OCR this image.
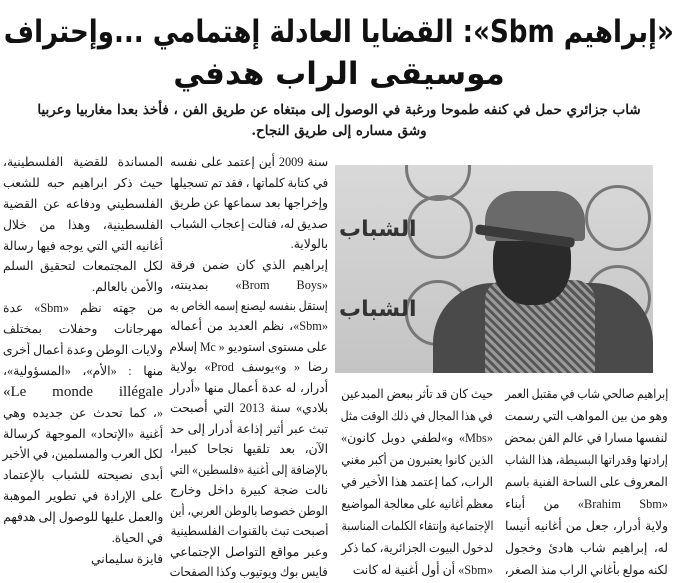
«إبراهيم Sbm»: القضايا العادلة إهتمامي ...وإحتراف
موسيقى الراب هدفي
شاب جزائري حمل في كنفه طموحا ورغبة في الوصول إلى مبتغاه عن طريق الفن ، فأخذ بعدا مغاربيا وعربيا
وشق مساره إلى طريق النجاح.
الشباب
الشباب
المساندة للقضية الفلسطينية،
حيث ذكر ابراهيم حبه للشعب
الفلسطيني ودفاعه عن القضية
الفلسطينية، وهذا من خلال
أغانيه التي التي يوجه فيها رسالة
لكل المجتمعات لتحقيق السلم
والأمن بالعالم.
من جهته نظم «Sbm» عدة
مهرجانات وحفلات بمختلف
ولايات الوطن وعدة أعمال أخرى
منها : «الأم»، «المسؤولية»،
Le monde illégale»
«، كما تحدث عن جديده وهي
أغنية «الإتحاد» الموجهة كرسالة
لكل العرب والمسلمين، في الأخير
أبدى نصيحته للشباب بالإعتماد
على الإرادة في تطوير الموهبة
والعمل عليها للوصول إلى هدفهم
في الحياة.
فايزة سليماني
سنة 2009 أين إعتمد على نفسه
في كتابة كلماتها ، فقد تم تسجيلها
وإخراجها بعد سماعها عن طريق
صديق له، فنالت إعجاب الشباب
بالولاية.
إبراهيم الذي كان ضمن فرقة
«Brom Boys» بمدينته،
إستقل بنفسه ليصنع إسمه الخاص به
«Sbm»، نظم العديد من أعماله
على مستوى استوديو « Mc إسلام
رضا « و»يوسف Prod» بولاية
أدرار، له عدة أعمال منها «أدرار
بلادي» سنة 2013 التي أصبحت
تبث عبر أثير إذاعة أدرار إلى حد
الآن، بعد تلقيها نجاحا كبيرا،
بالإضافة إلى أغنية «فلسطين» التي
نالت ضجة كبيرة داخل وخارج
الوطن خصوصا بالوطن العربي، أين
أصبحت تبث بالقنوات الفلسطينية
وعبر مواقع التواصل الإجتماعي
فايس بوك ويوتيوب وكذا الصفحات
حيث كان قد تأثر ببعض المبدعين
في هذا المجال في ذلك الوقت مثل
«Mbs» و»لطفي دوبل كانون»
الذين كانوا يعتبرون من أكبر مغني
الراب، كما إعتمد هذا الأخير في
معظم أغانيه على معالجة المواضيع
الإجتماعية وإنتقاء الكلمات المناسبة
لدخول البيوت الجزائرية، كما ذكر
«Sbm» أن أول أغنية له كانت
إبراهيم صالحي شاب في مقتبل العمر
وهو من بين المواهب التي رسمت
لنفسها مسارا في عالم الفن بمحض
إرادتها وقدراتها البسيطة، هذا الشاب
المعروف على الساحة الفنية باسم
«Brahim Sbm» من أبناء
ولاية أدرار، جعل من أغانيه أنيسا
له، إبراهيم شاب هادئ وخجول
لكنه مولع بأغاني الراب منذ الصغر،
